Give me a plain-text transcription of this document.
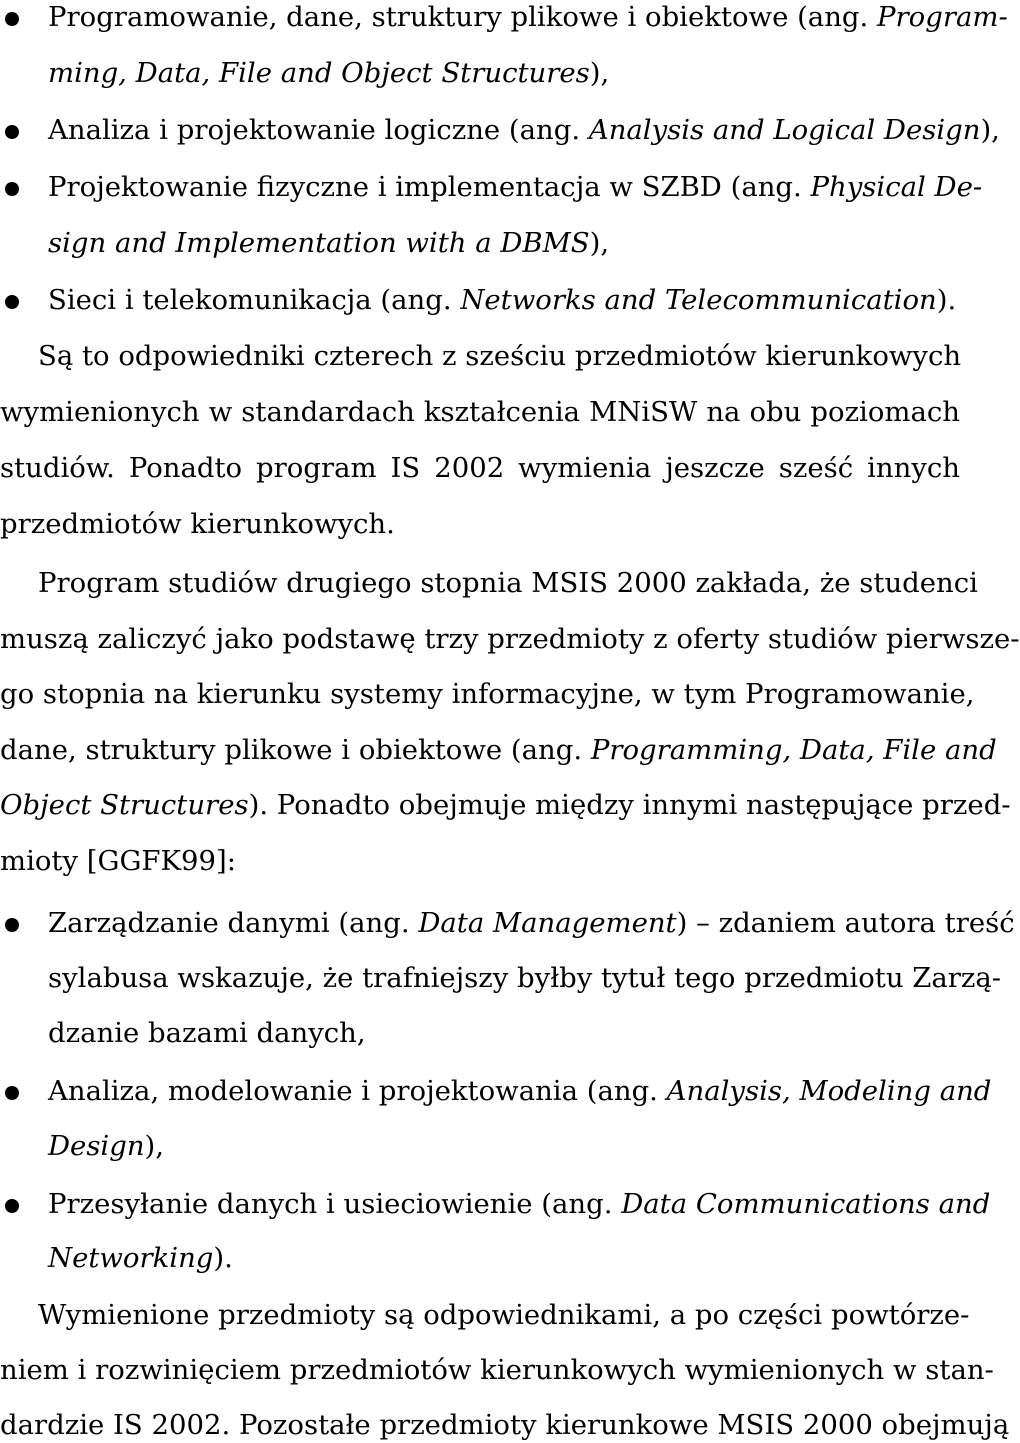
Programowanie, dane, struktury plikowe i obiektowe (ang. Program-
ming, Data, File and Object Structures),
Analiza i projektowanie logiczne (ang. Analysis and Logical Design),
Projektowanie fizyczne i implementacja w SZBD (ang. Physical De-
sign and Implementation with a DBMS),
Sieci i telekomunikacja (ang. Networks and Telecommunication).
Są to odpowiedniki czterech z sześciu przedmiotów kierunkowych
wymienionych w standardach kształcenia MNiSW na obu poziomach
studiów. Ponadto program IS 2002 wymienia jeszcze sześć innych
przedmiotów kierunkowych.
Program studiów drugiego stopnia MSIS 2000 zakłada, że studenci
muszą zaliczyć jako podstawę trzy przedmioty z oferty studiów pierwsze-
go stopnia na kierunku systemy informacyjne, w tym Programowanie,
dane, struktury plikowe i obiektowe (ang. Programming, Data, File and
Object Structures). Ponadto obejmuje między innymi następujące przed-
mioty [GGFK99]:
Zarządzanie danymi (ang. Data Management) – zdaniem autora treść
sylabusa wskazuje, że trafniejszy byłby tytuł tego przedmiotu Zarzą-
dzanie bazami danych,
Analiza, modelowanie i projektowania (ang. Analysis, Modeling and
Design),
Przesyłanie danych i usieciowienie (ang. Data Communications and
Networking).
Wymienione przedmioty są odpowiednikami, a po części powtórze-
niem i rozwinięciem przedmiotów kierunkowych wymienionych w stan-
dardzie IS 2002. Pozostałe przedmioty kierunkowe MSIS 2000 obejmują
